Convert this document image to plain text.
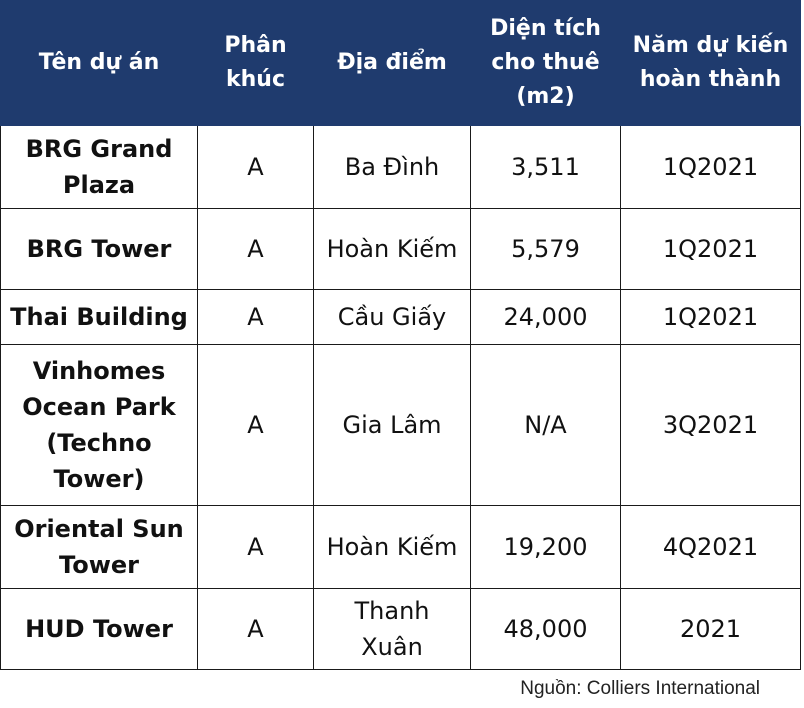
Tên dự án	Phân khúc	Địa điểm	Diện tích cho thuê (m2)	Năm dự kiến hoàn thành
BRG Grand Plaza	A	Ba Đình	3,511	1Q2021
BRG Tower	A	Hoàn Kiếm	5,579	1Q2021
Thai Building	A	Cầu Giấy	24,000	1Q2021
Vinhomes Ocean Park (Techno Tower)	A	Gia Lâm	N/A	3Q2021
Oriental Sun Tower	A	Hoàn Kiếm	19,200	4Q2021
HUD Tower	A	Thanh Xuân	48,000	2021
Nguồn: Colliers International
